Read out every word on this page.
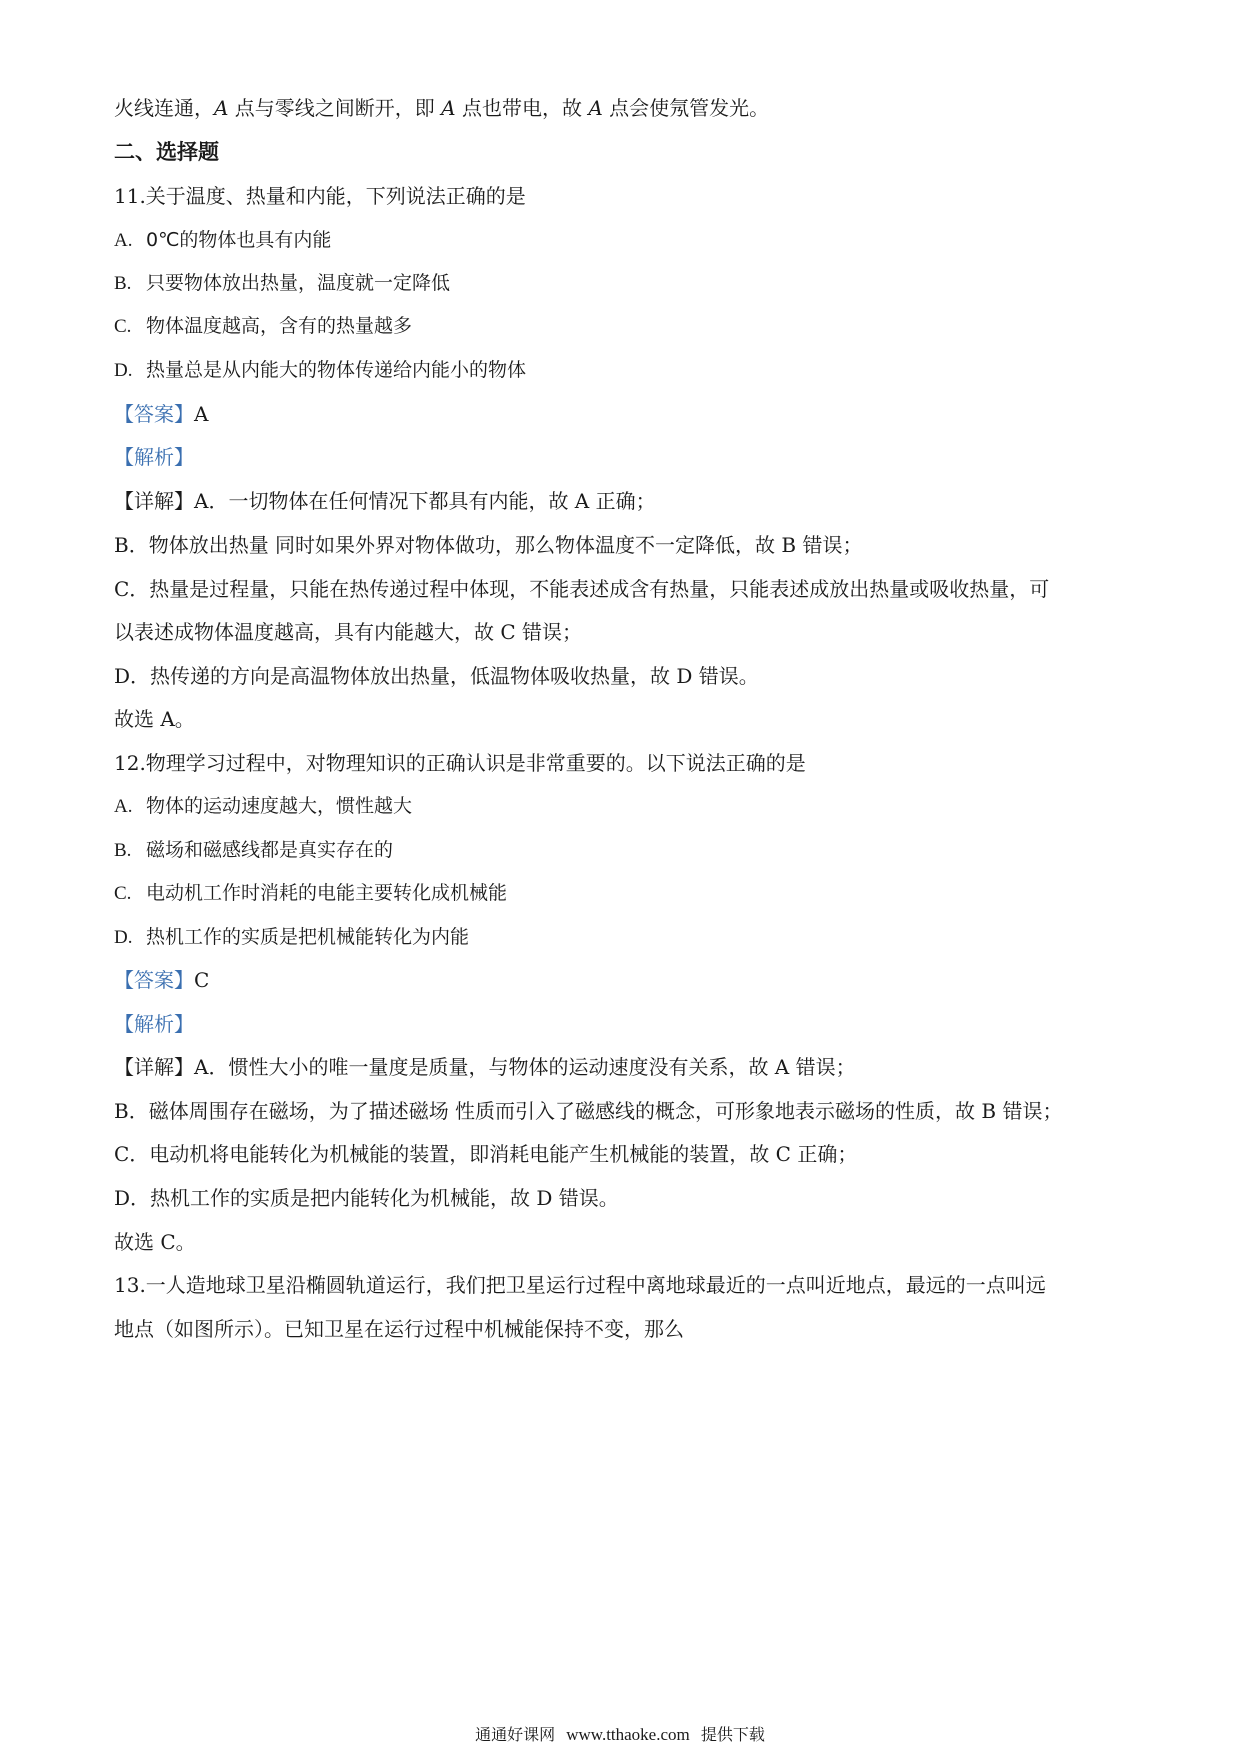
火线连通，A 点与零线之间断开，即 A 点也带电，故 A 点会使氖管发光。
二、选择题
11.关于温度、热量和内能，下列说法正确的是
A. 0℃的物体也具有内能
B. 只要物体放出热量，温度就一定降低
C. 物体温度越高，含有的热量越多
D. 热量总是从内能大的物体传递给内能小的物体
【答案】A
【解析】
【详解】A．一切物体在任何情况下都具有内能，故 A 正确；
B．物体放出热量 同时如果外界对物体做功，那么物体温度不一定降低，故 B 错误；
C．热量是过程量，只能在热传递过程中体现，不能表述成含有热量，只能表述成放出热量或吸收热量，可
以表述成物体温度越高，具有内能越大，故 C 错误；
D．热传递的方向是高温物体放出热量，低温物体吸收热量，故 D 错误。
故选 A。
12.物理学习过程中，对物理知识的正确认识是非常重要的。以下说法正确的是
A. 物体的运动速度越大，惯性越大
B. 磁场和磁感线都是真实存在的
C. 电动机工作时消耗的电能主要转化成机械能
D. 热机工作的实质是把机械能转化为内能
【答案】C
【解析】
【详解】A．惯性大小的唯一量度是质量，与物体的运动速度没有关系，故 A 错误；
B．磁体周围存在磁场，为了描述磁场 性质而引入了磁感线的概念，可形象地表示磁场的性质，故 B 错误；
C．电动机将电能转化为机械能的装置，即消耗电能产生机械能的装置，故 C 正确；
D．热机工作的实质是把内能转化为机械能，故 D 错误。
故选 C。
13.一人造地球卫星沿椭圆轨道运行，我们把卫星运行过程中离地球最近的一点叫近地点，最远的一点叫远
地点（如图所示）。已知卫星在运行过程中机械能保持不变，那么
通通好课网 www.tthaoke.com 提供下载
